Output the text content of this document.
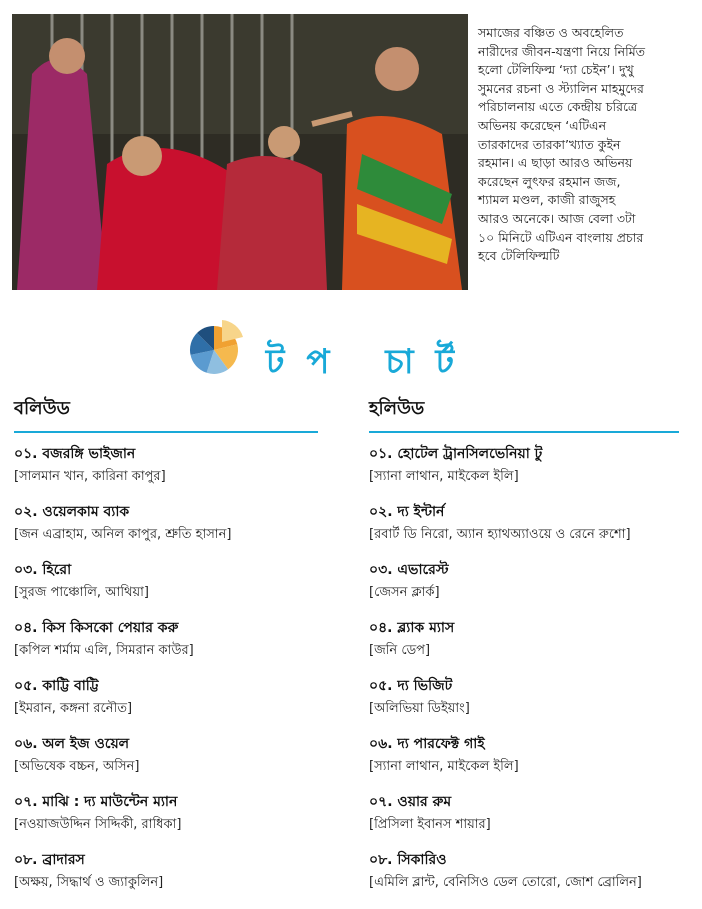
সমাজের বঞ্চিত ও অবহেলিত
নারীদের জীবন-যন্ত্রণা নিয়ে নির্মিত
হলো টেলিফিল্ম ‘দ্যা চেইন’। দুখু
সুমনের রচনা ও স্ট্যালিন মাহমুদের
পরিচালনায় এতে কেন্দ্রীয় চরিত্রে
অভিনয় করেছেন ‘এটিএন
তারকাদের তারকা’খ্যাত কুইন
রহমান। এ ছাড়া আরও অভিনয়
করেছেন লুৎফর রহমান জজ,
শ্যামল মণ্ডল, কাজী রাজুসহ
আরও অনেকে। আজ বেলা ৩টা
১০ মিনিটে এটিএন বাংলায় প্রচার
হবে টেলিফিল্মটি
টপ চার্ট
বলিউড
০১. বজরঙ্গি ভাইজান
[সালমান খান, কারিনা কাপুর]
০২. ওয়েলকাম ব্যাক
[জন এব্রাহাম, অনিল কাপুর, শ্রুতি হাসান]
০৩. হিরো
[সুরজ পাঞ্চোলি, আথিয়া]
০৪. কিস কিসকো পেয়ার করু
[কপিল শর্মাম এলি, সিমরান কাউর]
০৫. কাট্টি বাট্টি
[ইমরান, কঙ্গনা রনৌত]
০৬. অল ইজ ওয়েল
[অভিষেক বচ্চন, অসিন]
০৭. মাঝি : দ্য মাউন্টেন ম্যান
[নওয়াজউদ্দিন সিদ্দিকী, রাধিকা]
০৮. ব্রাদারস
[অক্ষয়, সিদ্ধার্থ ও জ্যাকুলিন]
হলিউড
০১. হোটেল ট্রানসিলভেনিয়া টু
[স্যানা লাথান, মাইকেল ইলি]
০২. দ্য ইন্টার্ন
[রবার্ট ডি নিরো, অ্যান হ্যাথঅ্যাওয়ে ও রেনে রুশো]
০৩. এভারেস্ট
[জেসন ক্লার্ক]
০৪. ব্ল্যাক ম্যাস
[জনি ডেপ]
০৫. দ্য ভিজিট
[অলিভিয়া ডিইয়াং]
০৬. দ্য পারফেক্ট গাই
[স্যানা লাথান, মাইকেল ইলি]
০৭. ওয়ার রুম
[প্রিসিলা ইবানস শায়ার]
০৮. সিকারিও
[এমিলি ব্লান্ট, বেনিসিও ডেল তোরো, জোশ ব্রোলিন]
